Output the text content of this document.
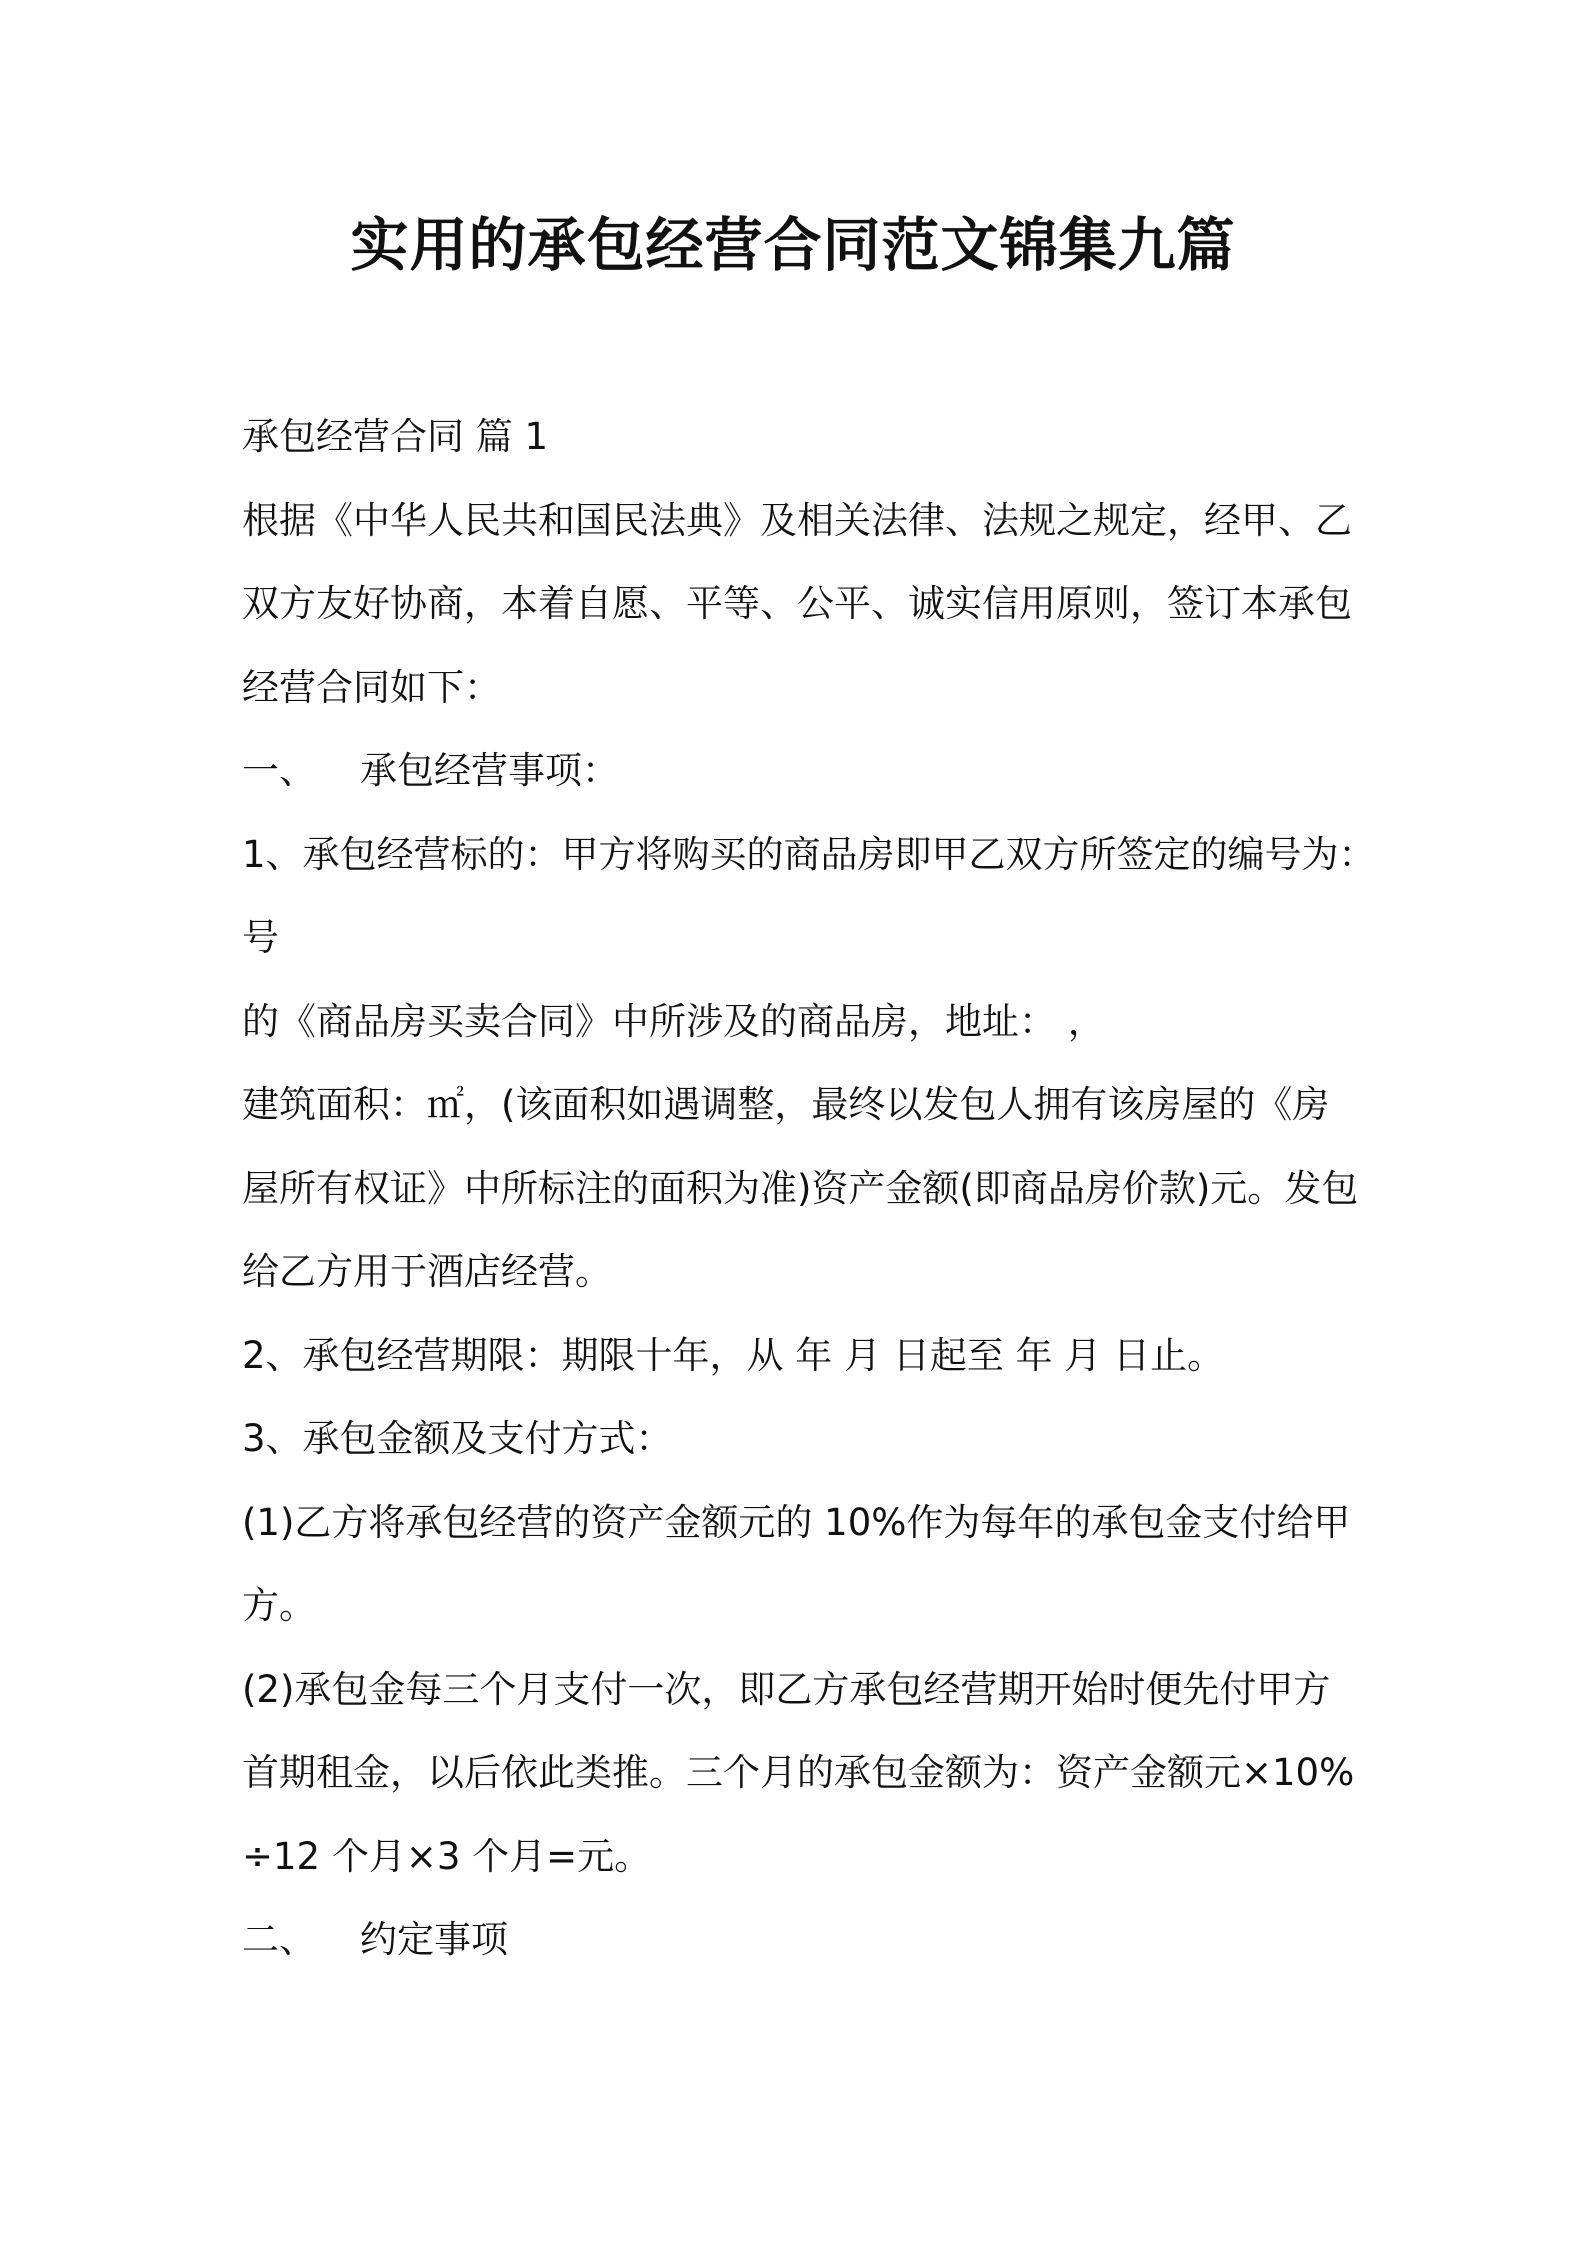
实用的承包经营合同范文锦集九篇
承包经营合同 篇 1
根据《中华人民共和国民法典》及相关法律、法规之规定，经甲、乙
双方友好协商，本着自愿、平等、公平、诚实信用原则，签订本承包
经营合同如下：
一、 承包经营事项：
1、承包经营标的：甲方将购买的商品房即甲乙双方所签定的编号为：
号
的《商品房买卖合同》中所涉及的商品房，地址： ，
建筑面积：㎡，(该面积如遇调整，最终以发包人拥有该房屋的《房
屋所有权证》中所标注的面积为准)资产金额(即商品房价款)元。发包
给乙方用于酒店经营。
2、承包经营期限：期限十年，从 年 月 日起至 年 月 日止。
3、承包金额及支付方式：
(1)乙方将承包经营的资产金额元的 10%作为每年的承包金支付给甲
方。
(2)承包金每三个月支付一次，即乙方承包经营期开始时便先付甲方
首期租金，以后依此类推。三个月的承包金额为：资产金额元×10%
÷12 个月×3 个月=元。
二、 约定事项
